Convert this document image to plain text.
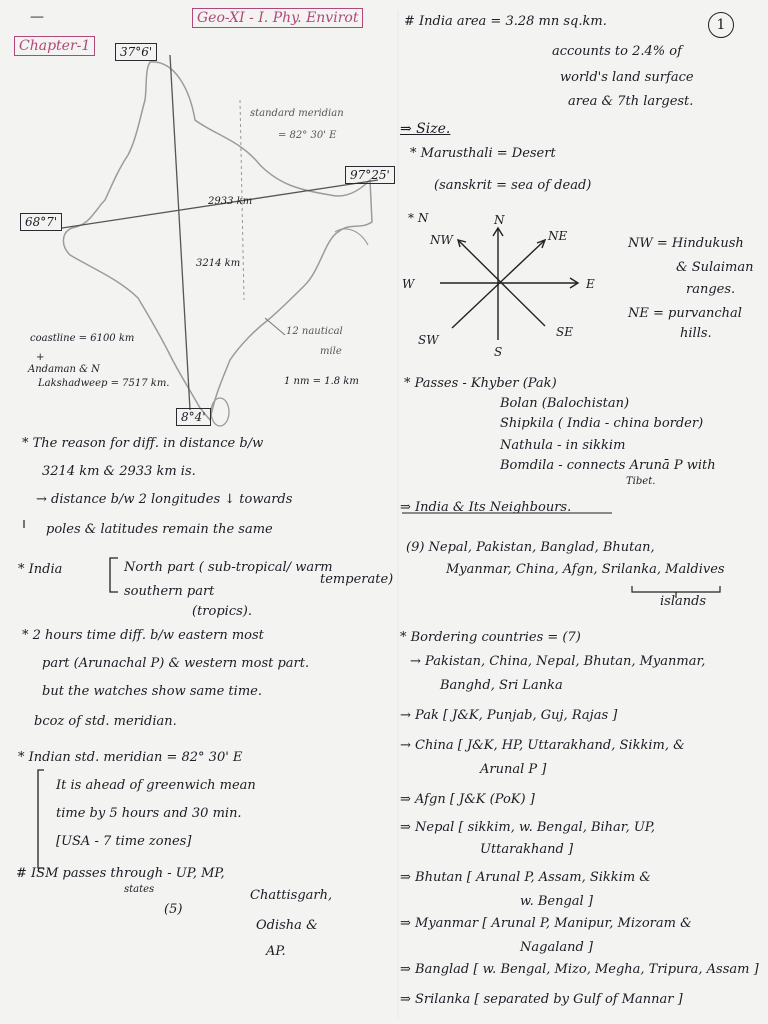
—	Geo-XI - I. Phy. Envirot
Chapter-1
1
37°6'
97°25'
68°7'
8°4'
standard meridian
= 82° 30' E
2933 km
3214 km
12 nautical
mile
1 nm = 1.8 km
coastline = 6100 km
+
Andaman & N
Lakshadweep = 7517 km.
* The reason for diff. in distance b/w
3214 km & 2933 km is.
→ distance b/w 2 longitudes ↓ towards
poles & latitudes remain the same
* India	North part ( sub-tropical/ warm
temperate)
southern part
(tropics).
* 2 hours time diff. b/w eastern most
part (Arunachal P) & western most part.
but the watches show same time.
bcoz of std. meridian.
* Indian std. meridian = 82° 30' E
It is ahead of greenwich mean
time by 5 hours and 30 min.
[USA - 7 time zones]
# ISM passes through - UP, MP,
states
(5)
Chattisgarh,
Odisha &
AP.
# India area = 3.28 mn sq.km.
accounts to 2.4% of
world's land surface
area & 7th largest.
⇒ Size.
* Marusthali = Desert
(sanskrit = sea of dead)
* N	N
S
E
W
NE
NW
SE
SW
NW = Hindukush
& Sulaiman
ranges.
NE = purvanchal
hills.
* Passes - Khyber (Pak)
Bolan (Balochistan)
Shipkila ( India - china border)
Nathula - in sikkim
Bomdila - connects Arunā P with
Tibet.
⇒ India & Its Neighbours.
(9) Nepal, Pakistan, Banglad, Bhutan,
Myanmar, China, Afgn, Srilanka, Maldives
islands
* Bordering countries = (7)
→ Pakistan, China, Nepal, Bhutan, Myanmar,
Banghd, Sri Lanka
→ Pak [ J&K, Punjab, Guj, Rajas ]
→ China [ J&K, HP, Uttarakhand, Sikkim, &
Arunal P ]
⇒ Afgn [ J&K (PoK) ]
⇒ Nepal [ sikkim, w. Bengal, Bihar, UP,
Uttarakhand ]
⇒ Bhutan [ Arunal P, Assam, Sikkim &
w. Bengal ]
⇒ Myanmar [ Arunal P, Manipur, Mizoram &
Nagaland ]
⇒ Banglad [ w. Bengal, Mizo, Megha, Tripura, Assam ]
⇒ Srilanka [ separated by Gulf of Mannar ]
